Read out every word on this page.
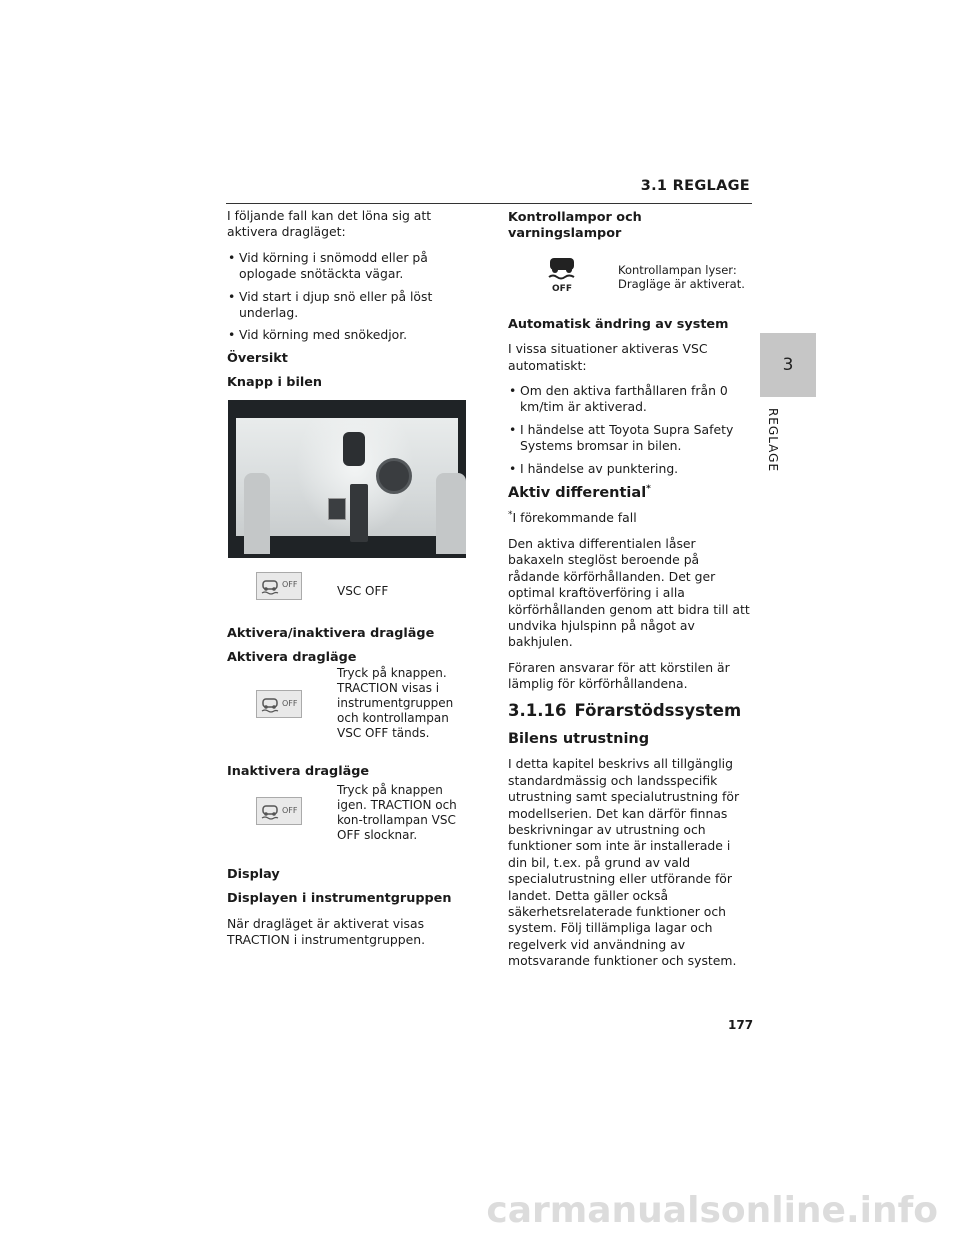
3.1 REGLAGE
3
REGLAGE

I följande fall kan det löna sig att aktivera dragläget:

• Vid körning i snömodd eller på oplogade snötäckta vägar.
• Vid start i djup snö eller på löst underlag.
• Vid körning med snökedjor.
Översikt
Knapp i bilen
OFF	VSC OFF
Aktivera/inaktivera dragläge
Aktivera dragläge
OFF
Tryck på knappen. TRACTION visas i instrumentgruppen och kontrollampan VSC OFF tänds.
Inaktivera dragläge
OFF
Tryck på knappen igen. TRACTION och kon-trollampan VSC OFF slocknar.
Display
Displayen i instrumentgruppen

När dragläget är aktiverat visas TRACTION i instrumentgruppen.

Kontrollampor och varningslampor
OFF
Kontrollampan lyser: Dragläge är aktiverat.
Automatisk ändring av system

I vissa situationer aktiveras VSC automatiskt:

• Om den aktiva farthållaren från 0 km/tim är aktiverad.
• I händelse att Toyota Supra Safety Systems bromsar in bilen.
• I händelse av punktering.
Aktiv differential*

*I förekommande fall

Den aktiva differentialen låser bakaxeln steglöst beroende på rådande körförhållanden. Det ger optimal kraftöverföring i alla körförhållanden genom att bidra till att undvika hjulspinn på något av bakhjulen.

Föraren ansvarar för att körstilen är lämplig för körförhållandena.

3.1.16 Förarstödssystem
Bilens utrustning

I detta kapitel beskrivs all tillgänglig standardmässig och landsspecifik utrustning samt specialutrustning för modellserien. Det kan därför finnas beskrivningar av utrustning och funktioner som inte är installerade i din bil, t.ex. på grund av vald specialutrustning eller utförande för landet. Detta gäller också säkerhetsrelaterade funktioner och system. Följ tillämpliga lagar och regelverk vid användning av motsvarande funktioner och system.

177
carmanualsonline.info
